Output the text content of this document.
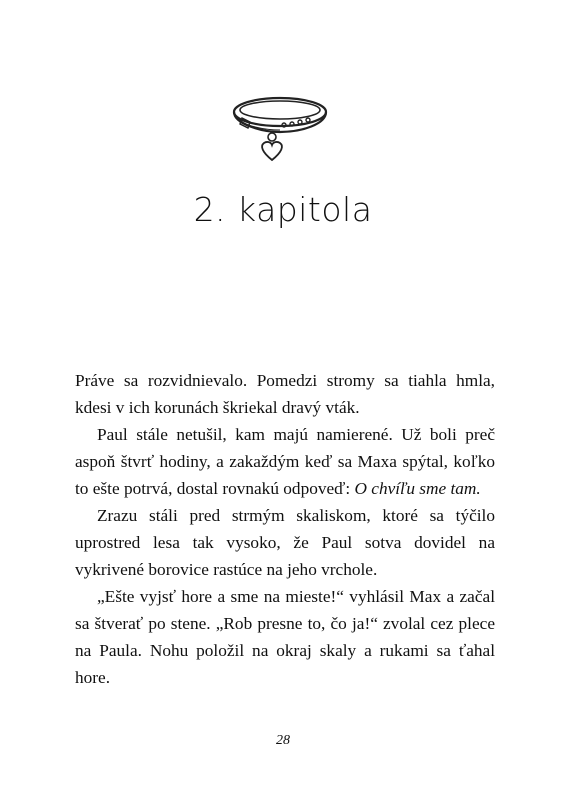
2. kapitola

Práve sa rozvidnievalo. Pomedzi stromy sa tiahla hmla, kdesi v ich korunách škriekal dravý vták.

Paul stále netušil, kam majú namierené. Už boli preč aspoň štvrť hodiny, a zakaždým keď sa Maxa spýtal, koľko to ešte potrvá, dostal rovnakú odpoveď: O chvíľu sme tam.

Zrazu stáli pred strmým skaliskom, ktoré sa týčilo uprostred lesa tak vysoko, že Paul sotva dovidel na vykrivené borovice rastúce na jeho vrchole.

„Ešte vyjsť hore a sme na mieste!“ vyhlásil Max a začal sa štverať po stene. „Rob presne to, čo ja!“ zvolal cez plece na Paula. Nohu položil na okraj skaly a rukami sa ťahal hore.

28
